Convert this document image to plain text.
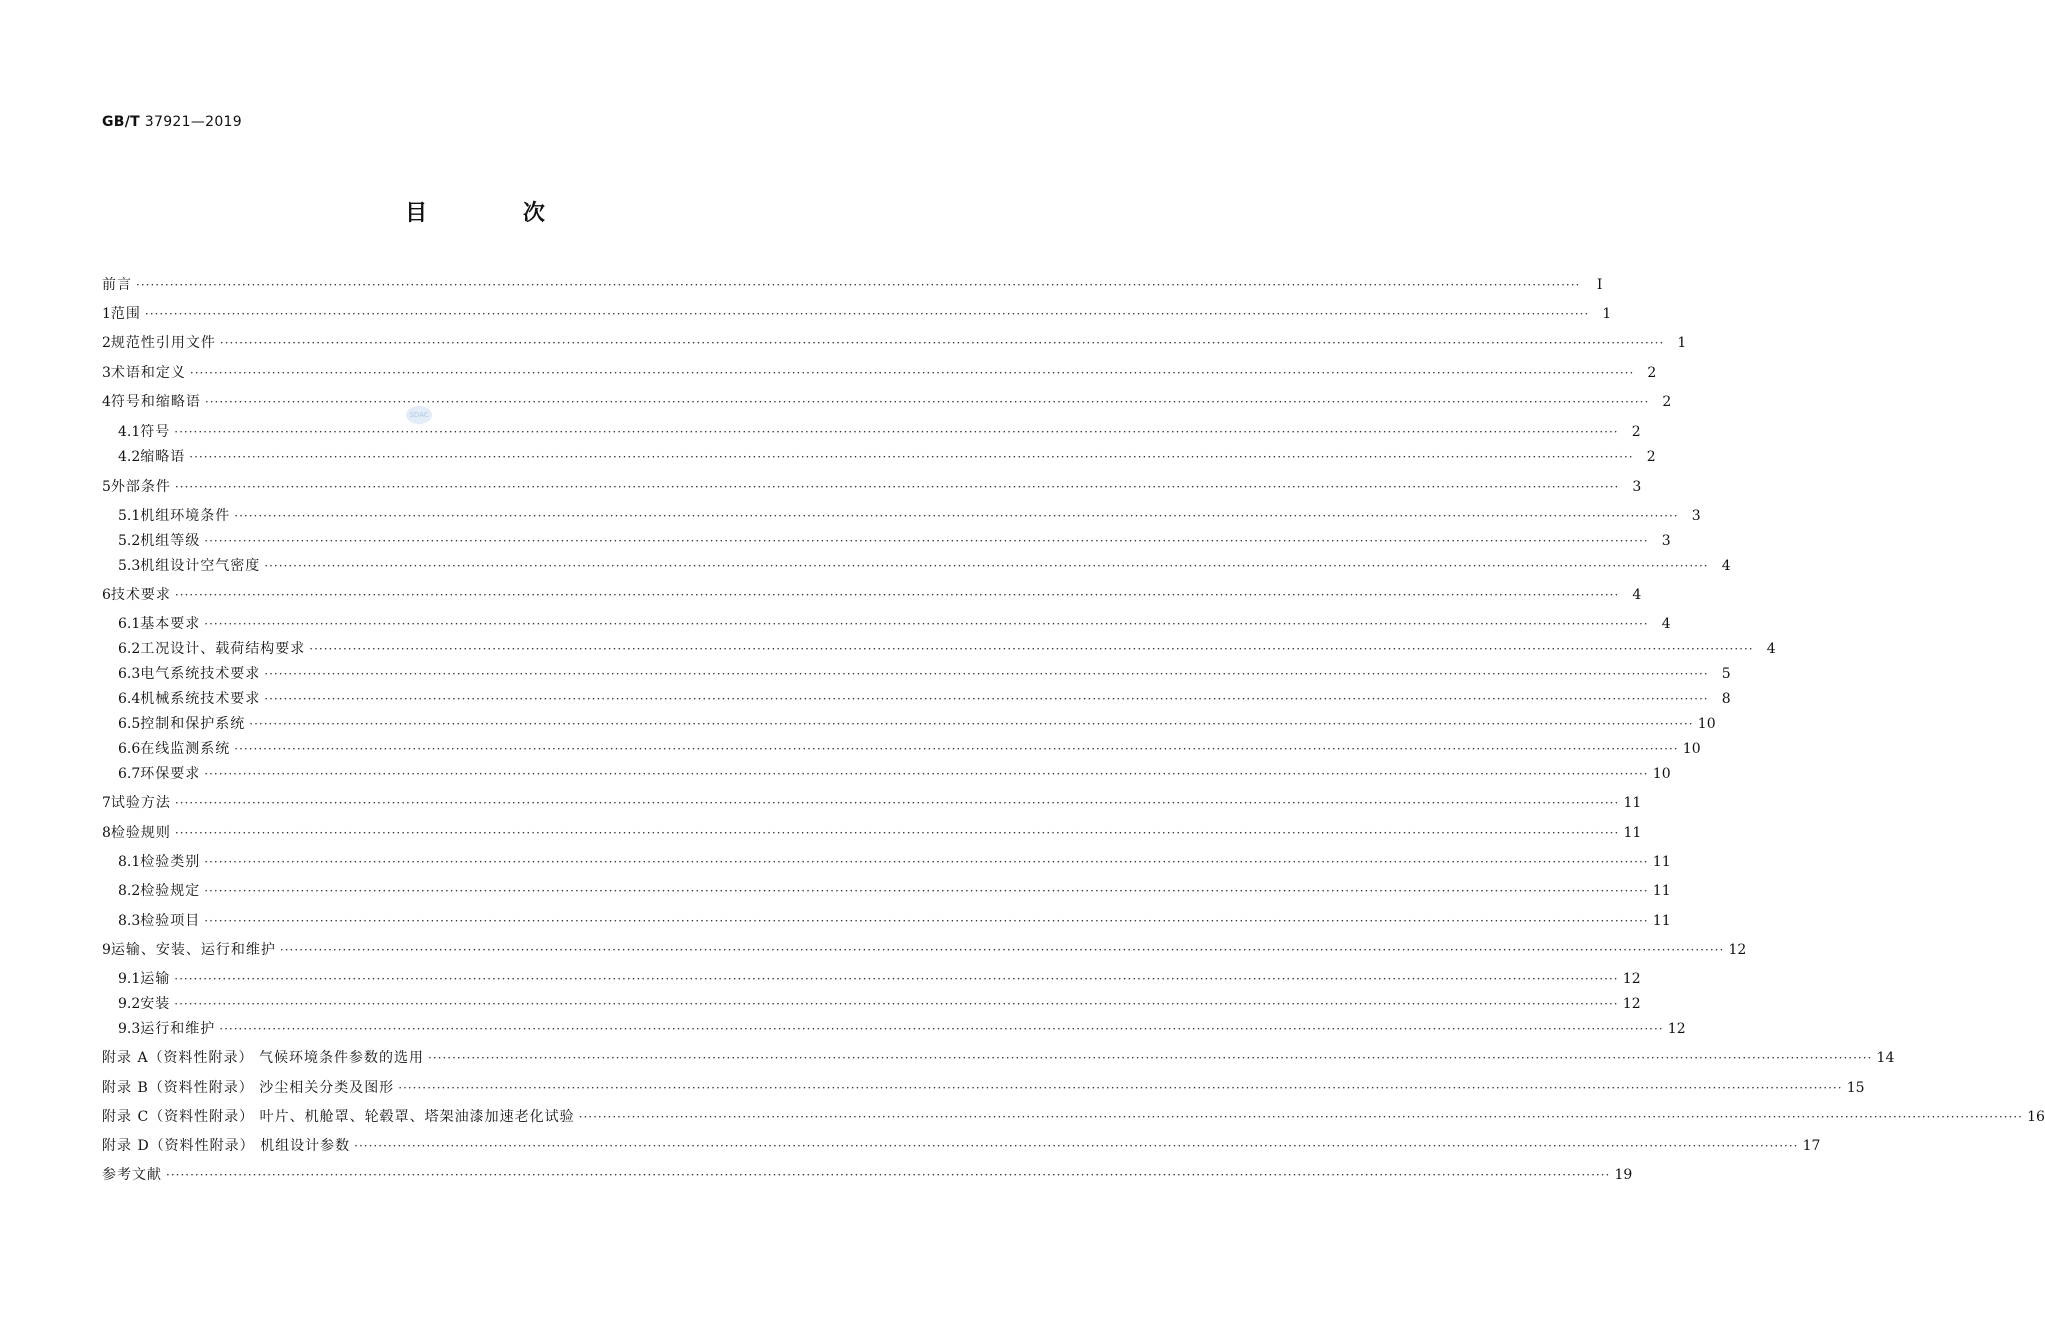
GB/T 37921—2019
目 次
SDAC
前言 ············································································································································································································································································································	I
1 范围 ············································································································································································································································································································ 1
2 规范性引用文件 ············································································································································································································································································································ 1
3 术语和定义 ············································································································································································································································································································ 2
4 符号和缩略语 ············································································································································································································································································································ 2
4.1 符号 ············································································································································································································································································································ 2
4.2 缩略语 ············································································································································································································································································································ 2
5 外部条件 ············································································································································································································································································································ 3
5.1 机组环境条件 ············································································································································································································································································································ 3
5.2 机组等级 ············································································································································································································································································································ 3
5.3 机组设计空气密度 ············································································································································································································································································································ 4
6 技术要求 ············································································································································································································································································································ 4
6.1 基本要求 ············································································································································································································································································································ 4
6.2 工况设计、载荷结构要求 ············································································································································································································································································································ 4
6.3 电气系统技术要求 ············································································································································································································································································································ 5
6.4 机械系统技术要求 ············································································································································································································································································································ 8
6.5 控制和保护系统 ············································································································································································································································································································ 10
6.6 在线监测系统 ············································································································································································································································································································ 10
6.7 环保要求 ············································································································································································································································································································ 10
7 试验方法 ············································································································································································································································································································ 11
8 检验规则 ············································································································································································································································································································ 11
8.1 检验类别 ············································································································································································································································································································ 11
8.2 检验规定 ············································································································································································································································································································ 11
8.3 检验项目 ············································································································································································································································································································ 11
9 运输、安装、运行和维护 ············································································································································································································································································································ 12
9.1 运输 ············································································································································································································································································································ 12
9.2 安装 ············································································································································································································································································································ 12
9.3 运行和维护 ············································································································································································································································································································ 12
附录 A（资料性附录） 气候环境条件参数的选用 ············································································································································································································································································································ 14
附录 B（资料性附录） 沙尘相关分类及图形 ············································································································································································································································································································ 15
附录 C（资料性附录） 叶片、机舱罩、轮毂罩、塔架油漆加速老化试验 ············································································································································································································································································································ 16
附录 D（资料性附录） 机组设计参数 ············································································································································································································································································································ 17
参考文献 ············································································································································································································································································································ 19
